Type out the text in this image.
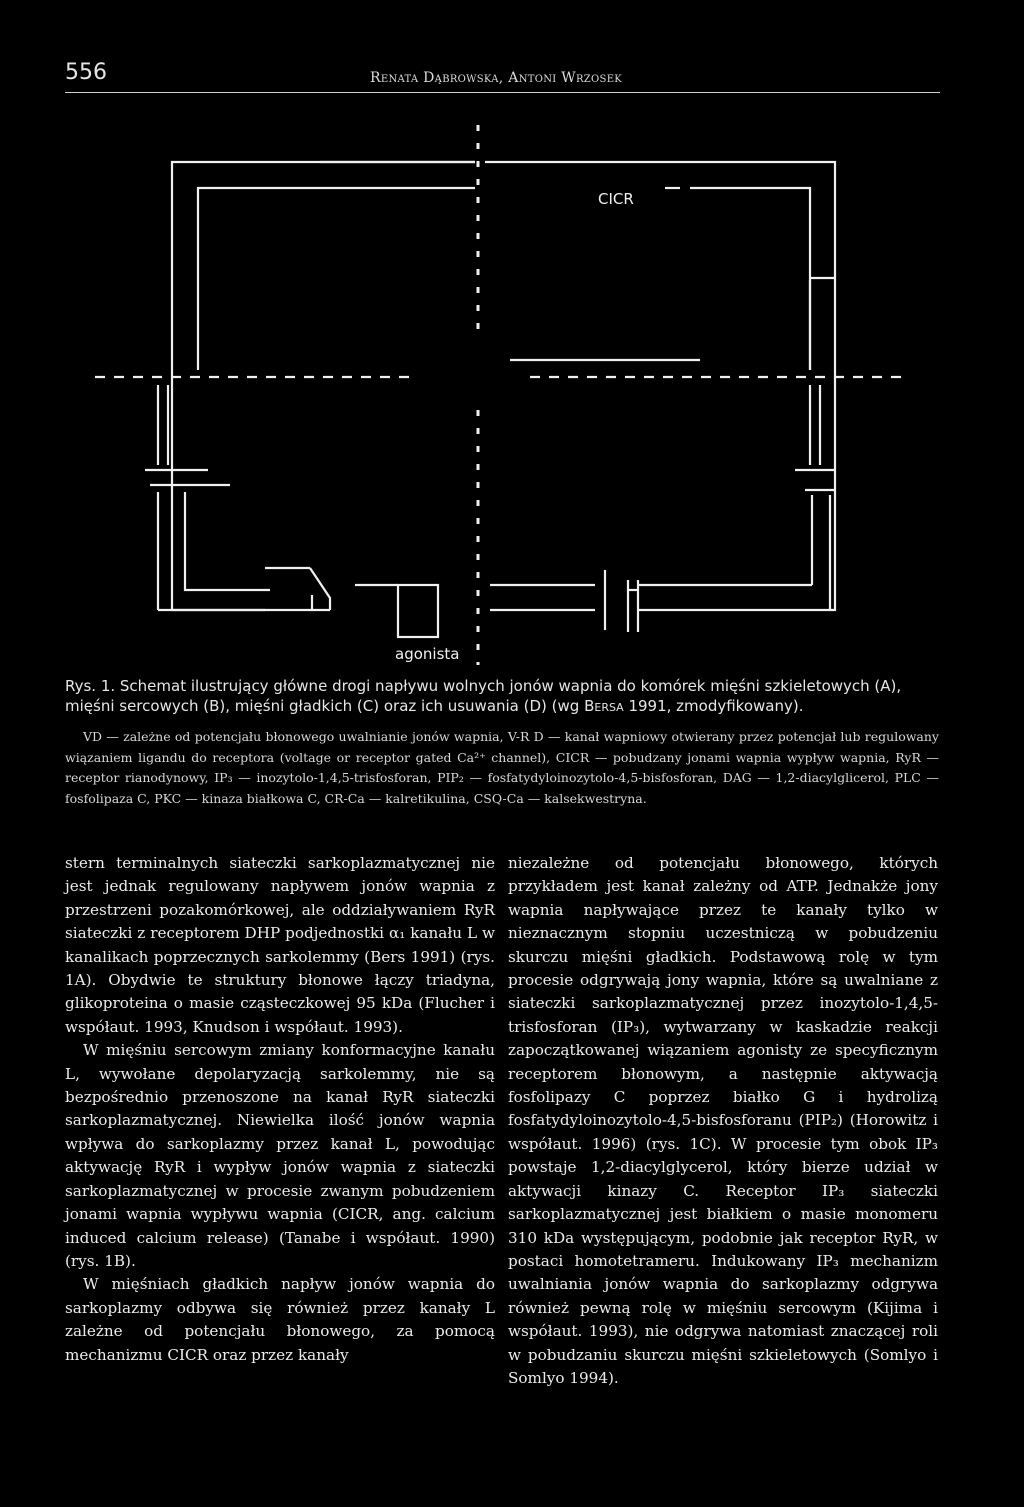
556	Renata Dąbrowska, Antoni Wrzosek
CICR
agonista
Rys. 1. Schemat ilustrujący główne drogi napływu wolnych jonów wapnia do komórek mięśni szkieletowych (A), mięśni sercowych (B), mięśni gładkich (C) oraz ich usuwania (D) (wg Bersa 1991, zmodyfikowany).
VD — zależne od potencjału błonowego uwalnianie jonów wapnia, V-R D — kanał wapniowy otwierany przez potencjał lub regulowany wiązaniem ligandu do receptora (voltage or receptor gated Ca²⁺ channel), CICR — pobudzany jonami wapnia wypływ wapnia, RyR — receptor rianodynowy, IP₃ — inozytolo-1,4,5-trisfosforan, PIP₂ — fosfatydyloinozytolo-4,5-bisfosforan, DAG — 1,2-diacylglicerol, PLC — fosfolipaza C, PKC — kinaza białkowa C, CR-Ca — kalretikulina, CSQ-Ca — kalsekwestryna.

stern terminalnych siateczki sarkoplazmatycznej nie jest jednak regulowany napływem jonów wapnia z przestrzeni pozakomórkowej, ale oddziaływaniem RyR siateczki z receptorem DHP podjednostki α₁ kanału L w kanalikach poprzecznych sarkolemmy (Bers 1991) (rys. 1A). Obydwie te struktury błonowe łączy triadyna, glikoproteina o masie cząsteczkowej 95 kDa (Flucher i współaut. 1993, Knudson i współaut. 1993).

W mięśniu sercowym zmiany konformacyjne kanału L, wywołane depolaryzacją sarkolemmy, nie są bezpośrednio przenoszone na kanał RyR siateczki sarkoplazmatycznej. Niewielka ilość jonów wapnia wpływa do sarkoplazmy przez kanał L, powodując aktywację RyR i wypływ jonów wapnia z siateczki sarkoplazmatycznej w procesie zwanym pobudzeniem jonami wapnia wypływu wapnia (CICR, ang. calcium induced calcium release) (Tanabe i współaut. 1990) (rys. 1B).

W mięśniach gładkich napływ jonów wapnia do sarkoplazmy odbywa się również przez kanały L zależne od potencjału błonowego, za pomocą mechanizmu CICR oraz przez kanały

niezależne od potencjału błonowego, których przykładem jest kanał zależny od ATP. Jednakże jony wapnia napływające przez te kanały tylko w nieznacznym stopniu uczestniczą w pobudzeniu skurczu mięśni gładkich. Podstawową rolę w tym procesie odgrywają jony wapnia, które są uwalniane z siateczki sarkoplazmatycznej przez inozytolo-1,4,5-trisfosforan (IP₃), wytwarzany w kaskadzie reakcji zapoczątkowanej wiązaniem agonisty ze specyficznym receptorem błonowym, a następnie aktywacją fosfolipazy C poprzez białko G i hydrolizą fosfatydyloinozytolo-4,5-bisfosforanu (PIP₂) (Horowitz i współaut. 1996) (rys. 1C). W procesie tym obok IP₃ powstaje 1,2-diacylglycerol, który bierze udział w aktywacji kinazy C. Receptor IP₃ siateczki sarkoplazmatycznej jest białkiem o masie monomeru 310 kDa występującym, podobnie jak receptor RyR, w postaci homotetrameru. Indukowany IP₃ mechanizm uwalniania jonów wapnia do sarkoplazmy odgrywa również pewną rolę w mięśniu sercowym (Kijima i współaut. 1993), nie odgrywa natomiast znaczącej roli w pobudzaniu skurczu mięśni szkieletowych (Somlyo i Somlyo 1994).
